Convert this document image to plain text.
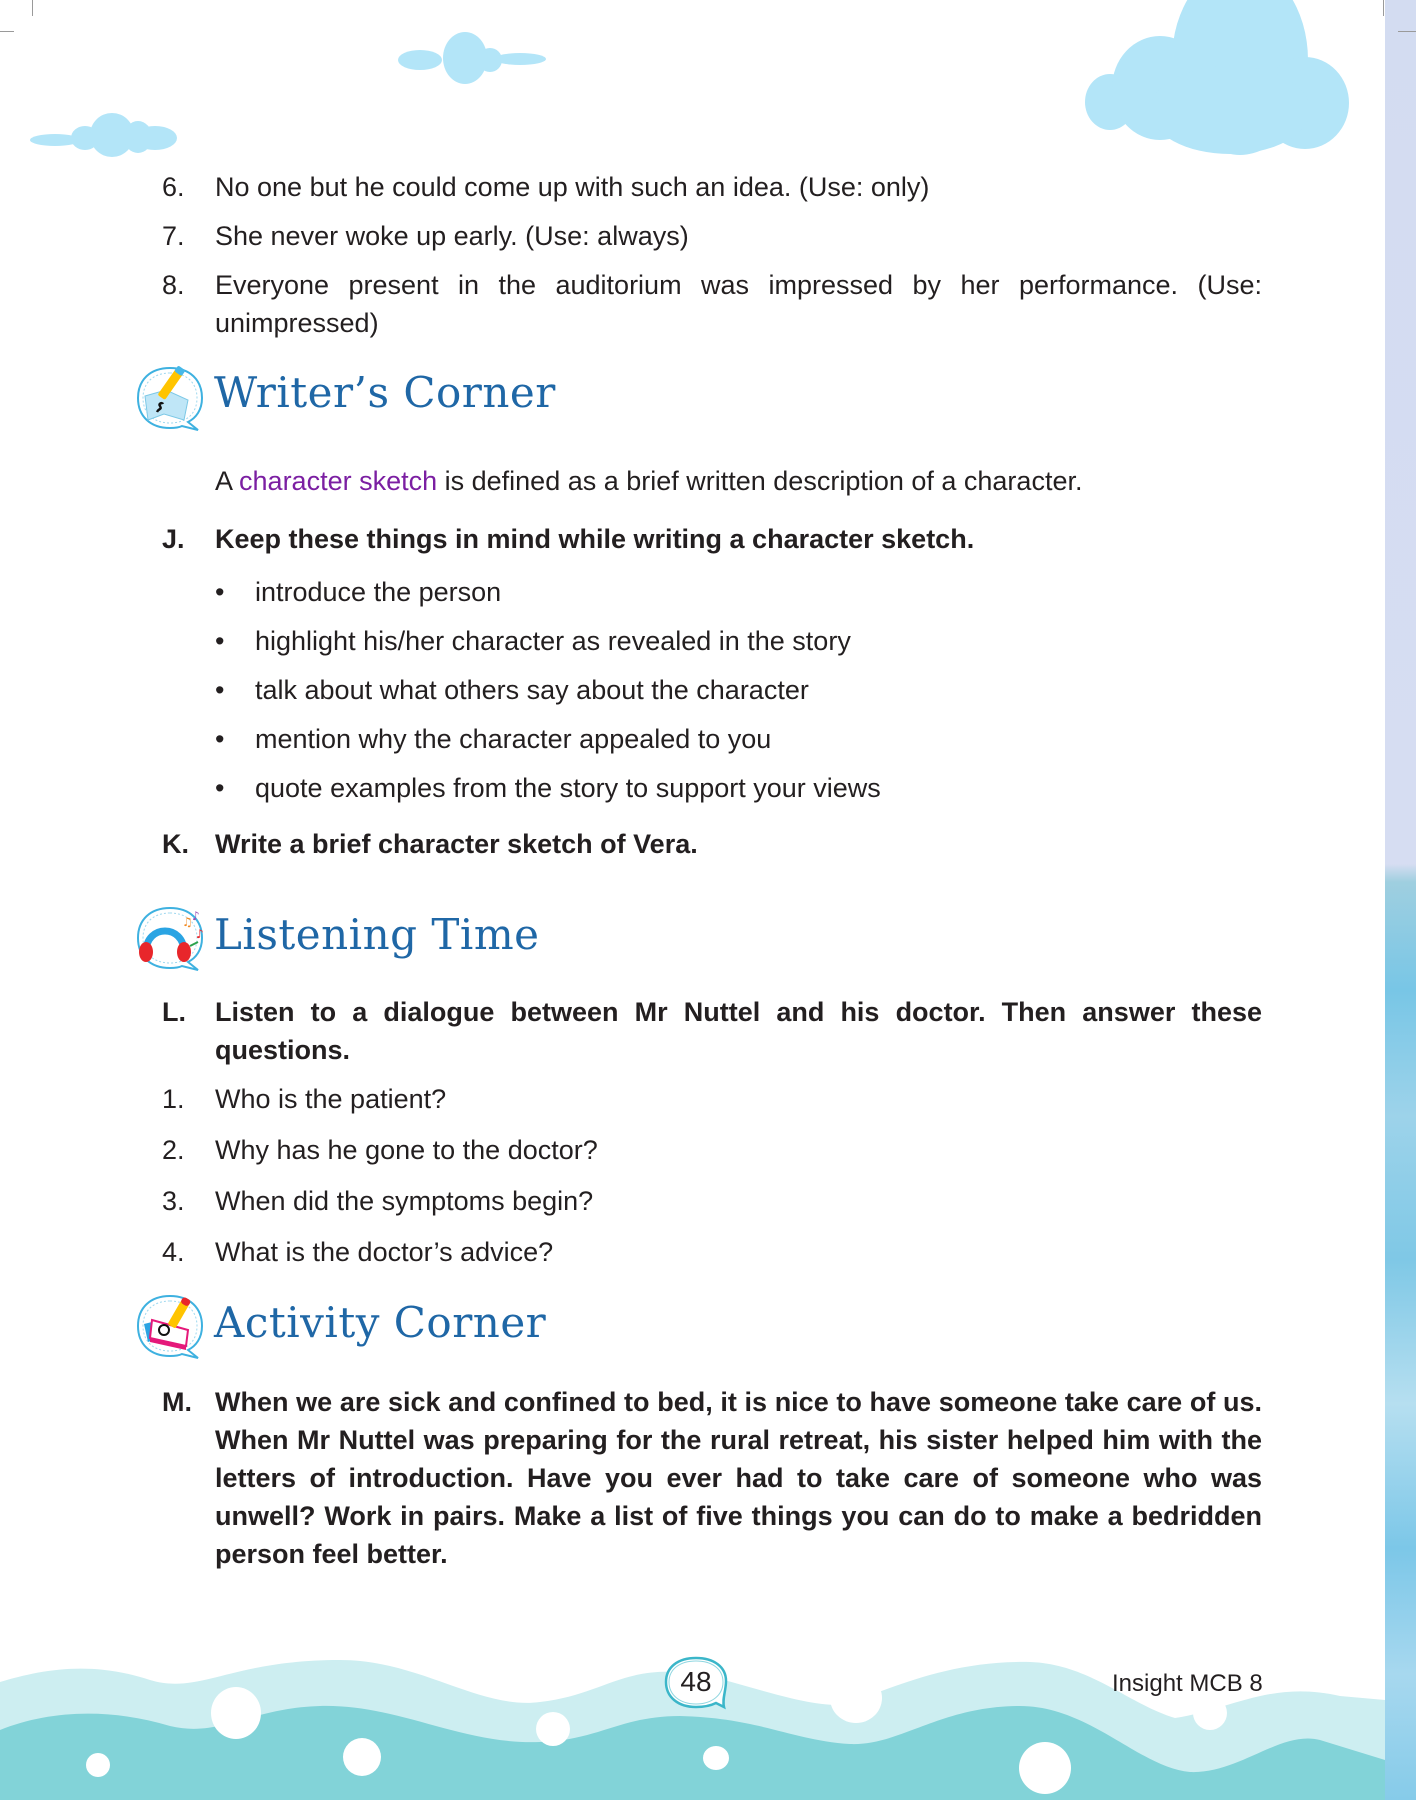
6.	No one but he could come up with such an idea. (Use: only)
7.	She never woke up early. (Use: always)
8.	Everyone present in the auditorium was impressed by her performance. (Use: unimpressed)
Writer’s Corner
A character sketch is defined as a brief written description of a character.
J.	Keep these things in mind while writing a character sketch.
• introduce the person
• highlight his/her character as revealed in the story
• talk about what others say about the character
• mention why the character appealed to you
• quote examples from the story to support your views
K. Write a brief character sketch of Vera.
♫ ♪
♪ Listening Time
L.	Listen to a dialogue between Mr Nuttel and his doctor. Then answer these questions.
1.	Who is the patient?
2.	Why has he gone to the doctor?
3.	When did the symptoms begin?
4.	What is the doctor’s advice?
Activity Corner
M. When we are sick and confined to bed, it is nice to have someone take care of us. When Mr Nuttel was preparing for the rural retreat, his sister helped him with the letters of introduction. Have you ever had to take care of someone who was unwell? Work in pairs. Make a list of five things you can do to make a bedridden person feel better.
48	Insight MCB 8
